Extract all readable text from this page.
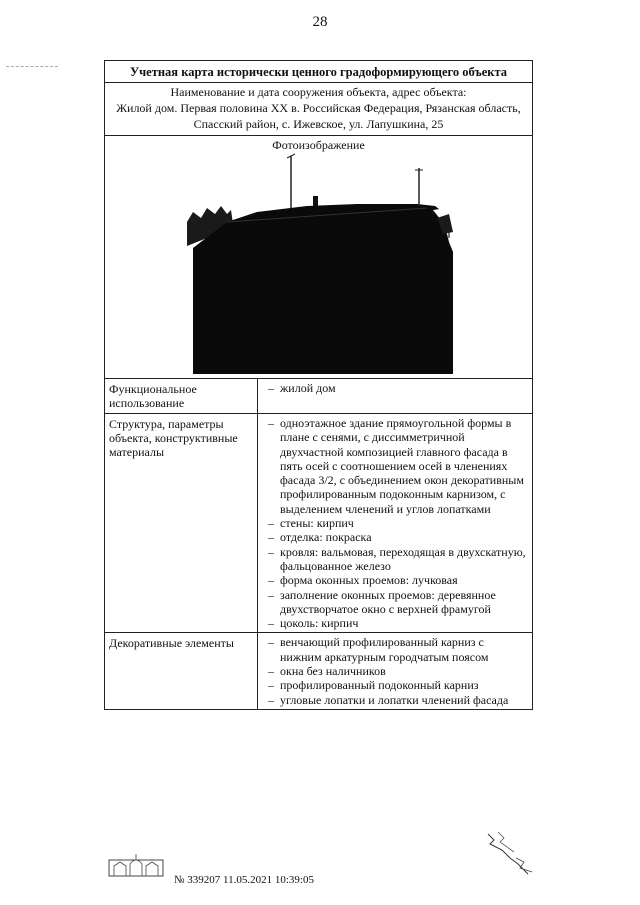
28
Учетная карта исторически ценного градоформирующего объекта
Наименование и дата сооружения объекта, адрес объекта:
Жилой дом. Первая половина XX в. Российская Федерация, Рязанская область,
Спасский район, с. Ижевское, ул. Лапушкина, 25
Фотоизображение
Функциональное использование
– жилой дом
Структура, параметры объекта, конструктивные материалы
– одноэтажное здание прямоугольной формы в плане с сенями, с диссимметричной двухчастной композицией главного фасада в пять осей с соотношением осей в членениях фасада 3/2, с объединением окон декоративным профилированным подоконным карнизом, с выделением членений и углов лопатками
– стены: кирпич
– отделка: покраска
– кровля: вальмовая, переходящая в двухскатную, фальцованное железо
– форма оконных проемов: лучковая
– заполнение оконных проемов: деревянное двухстворчатое окно с верхней фрамугой
– цоколь: кирпич
Декоративные элементы	– венчающий профилированный карниз с нижним аркатурным городчатым поясом
– окна без наличников
– профилированный подоконный карниз
– угловые лопатки и лопатки членений фасада
№ 339207 11.05.2021 10:39:05
